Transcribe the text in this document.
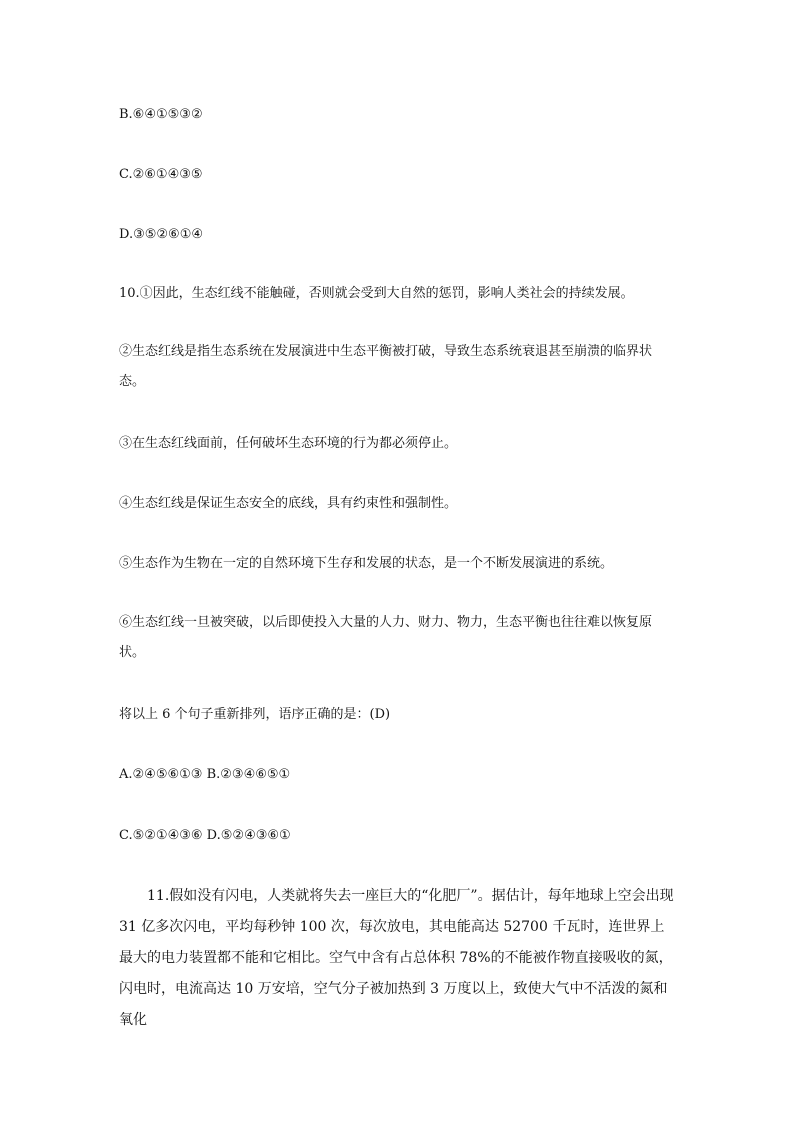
B.⑥④①⑤③②
C.②⑥①④③⑤
D.③⑤②⑥①④
10.①因此，生态红线不能触碰，否则就会受到大自然的惩罚，影响人类社会的持续发展。
②生态红线是指生态系统在发展演进中生态平衡被打破，导致生态系统衰退甚至崩溃的临界状态。
③在生态红线面前，任何破坏生态环境的行为都必须停止。
④生态红线是保证生态安全的底线，具有约束性和强制性。
⑤生态作为生物在一定的自然环境下生存和发展的状态，是一个不断发展演进的系统。
⑥生态红线一旦被突破，以后即使投入大量的人力、财力、物力，生态平衡也往往难以恢复原状。
将以上 6 个句子重新排列，语序正确的是：(D)
A.②④⑤⑥①③ B.②③④⑥⑤①
C.⑤②①④③⑥ D.⑤②④③⑥①
11.假如没有闪电，人类就将失去一座巨大的“化肥厂”。据估计，每年地球上空会出现 31 亿多次闪电，平均每秒钟 100 次，每次放电，其电能高达 52700 千瓦时，连世界上最大的电力装置都不能和它相比。空气中含有占总体积 78%的不能被作物直接吸收的氮，闪电时，电流高达 10 万安培，空气分子被加热到 3 万度以上，致使大气中不活泼的氮和氧化
